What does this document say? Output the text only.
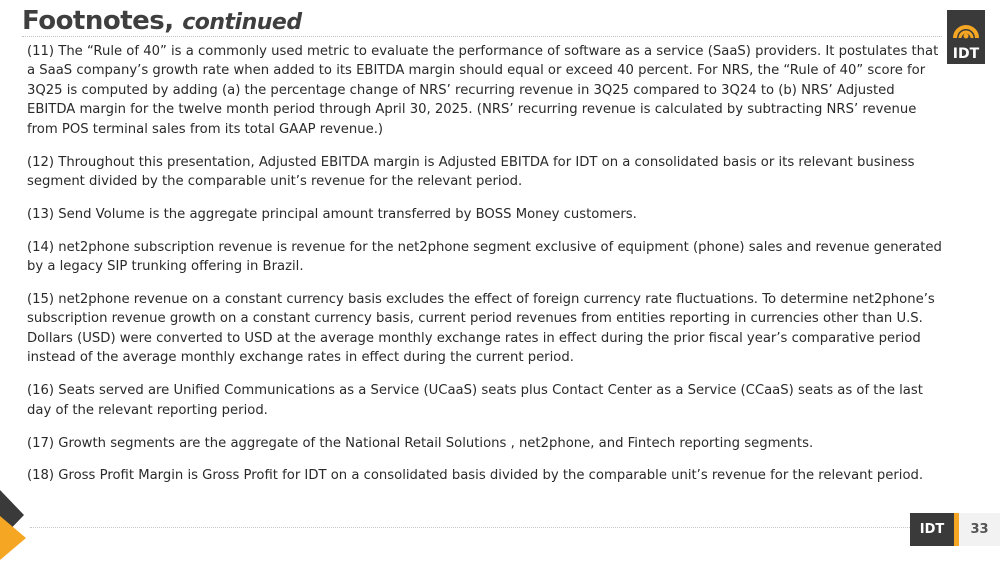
Footnotes, continued
IDT

(11) The “Rule of 40” is a commonly used metric to evaluate the performance of software as a service (SaaS) providers. It postulates that a SaaS company’s growth rate when added to its EBITDA margin should equal or exceed 40 percent. For NRS, the “Rule of 40” score for 3Q25 is computed by adding (a) the percentage change of NRS’ recurring revenue in 3Q25 compared to 3Q24 to (b) NRS’ Adjusted EBITDA margin for the twelve month period through April 30, 2025. (NRS’ recurring revenue is calculated by subtracting NRS’ revenue from POS terminal sales from its total GAAP revenue.)

(12) Throughout this presentation, Adjusted EBITDA margin is Adjusted EBITDA for IDT on a consolidated basis or its relevant business segment divided by the comparable unit’s revenue for the relevant period.

(13) Send Volume is the aggregate principal amount transferred by BOSS Money customers.

(14) net2phone subscription revenue is revenue for the net2phone segment exclusive of equipment (phone) sales and revenue generated by a legacy SIP trunking offering in Brazil.

(15) net2phone revenue on a constant currency basis excludes the effect of foreign currency rate fluctuations. To determine net2phone’s subscription revenue growth on a constant currency basis, current period revenues from entities reporting in currencies other than U.S. Dollars (USD) were converted to USD at the average monthly exchange rates in effect during the prior fiscal year’s comparative period instead of the average monthly exchange rates in effect during the current period.

(16) Seats served are Unified Communications as a Service (UCaaS) seats plus Contact Center as a Service (CCaaS) seats as of the last day of the relevant reporting period.

(17) Growth segments are the aggregate of the National Retail Solutions , net2phone, and Fintech reporting segments.

(18) Gross Profit Margin is Gross Profit for IDT on a consolidated basis divided by the comparable unit’s revenue for the relevant period.

IDT	33
